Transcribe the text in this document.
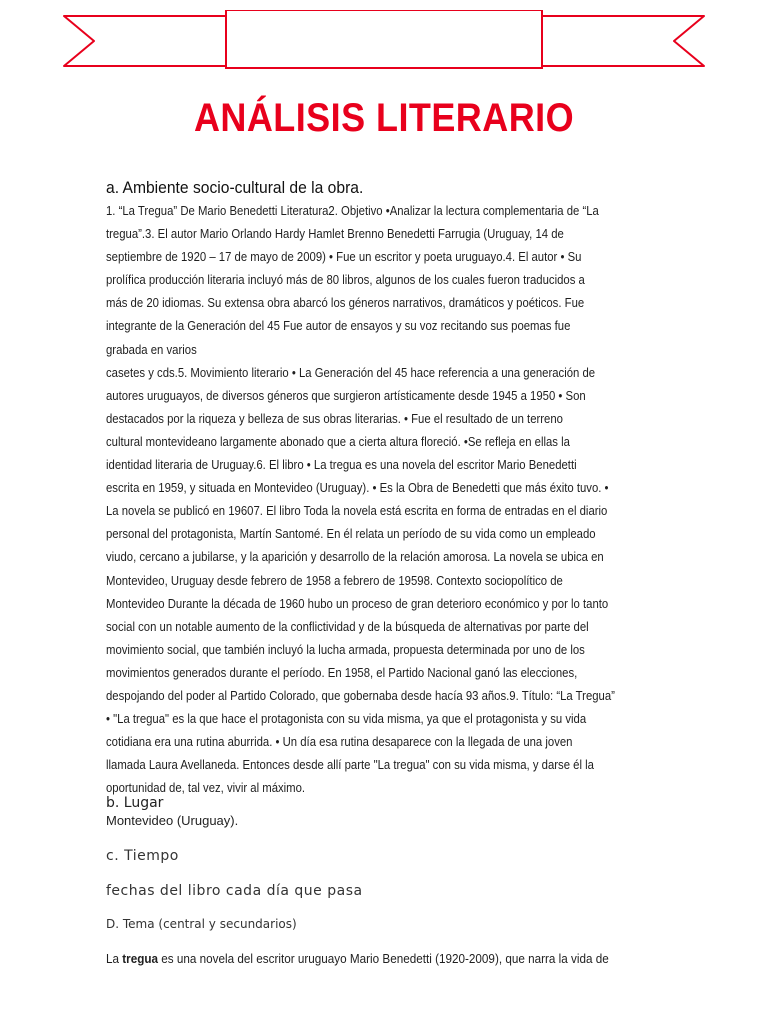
ANÁLISIS LITERARIO
a. Ambiente socio-cultural de la obra.

1. “La Tregua” De Mario Benedetti Literatura2. Objetivo •Analizar la lectura complementaria de “La
tregua”.3. El autor Mario Orlando Hardy Hamlet Brenno Benedetti Farrugia (Uruguay, 14 de
septiembre de 1920 – 17 de mayo de 2009) • Fue un escritor y poeta uruguayo.4. El autor • Su
prolífica producción literaria incluyó más de 80 libros, algunos de los cuales fueron traducidos a
más de 20 idiomas. Su extensa obra abarcó los géneros narrativos, dramáticos y poéticos. Fue
integrante de la Generación del 45 Fue autor de ensayos y su voz recitando sus poemas fue
grabada en varios
casetes y cds.5. Movimiento literario • La Generación del 45 hace referencia a una generación de
autores uruguayos, de diversos géneros que surgieron artísticamente desde 1945 a 1950 • Son
destacados por la riqueza y belleza de sus obras literarias. • Fue el resultado de un terreno
cultural montevideano largamente abonado que a cierta altura floreció. •Se refleja en ellas la
identidad literaria de Uruguay.6. El libro • La tregua es una novela del escritor Mario Benedetti
escrita en 1959, y situada en Montevideo (Uruguay). • Es la Obra de Benedetti que más éxito tuvo. •
La novela se publicó en 19607. El libro Toda la novela está escrita en forma de entradas en el diario
personal del protagonista, Martín Santomé. En él relata un período de su vida como un empleado
viudo, cercano a jubilarse, y la aparición y desarrollo de la relación amorosa. La novela se ubica en
Montevideo, Uruguay desde febrero de 1958 a febrero de 19598. Contexto sociopolítico de
Montevideo Durante la década de 1960 hubo un proceso de gran deterioro económico y por lo tanto
social con un notable aumento de la conflictividad y de la búsqueda de alternativas por parte del
movimiento social, que también incluyó la lucha armada, propuesta determinada por uno de los
movimientos generados durante el período. En 1958, el Partido Nacional ganó las elecciones,
despojando del poder al Partido Colorado, que gobernaba desde hacía 93 años.9. Título: “La Tregua”
• "La tregua" es la que hace el protagonista con su vida misma, ya que el protagonista y su vida
cotidiana era una rutina aburrida. • Un día esa rutina desaparece con la llegada de una joven
llamada Laura Avellaneda. Entonces desde allí parte "La tregua" con su vida misma, y darse él la
oportunidad de, tal vez, vivir al máximo.

b. Lugar

Montevideo (Uruguay).

c. Tiempo

fechas del libro cada día que pasa

D. Tema (central y secundarios)

La tregua es una novela del escritor uruguayo Mario Benedetti (1920-2009), que narra la vida de
